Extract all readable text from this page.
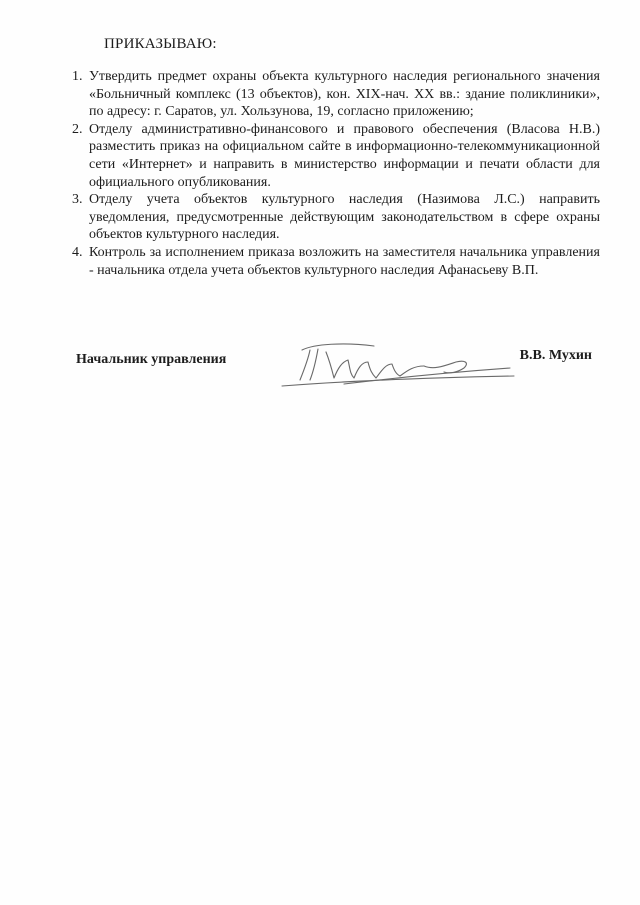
ПРИКАЗЫВАЮ:
1. Утвердить предмет охраны объекта культурного наследия регионального значения «Больничный комплекс (13 объектов), кон. XIX-нач. XX вв.: здание поликлиники», по адресу: г. Саратов, ул. Хользунова, 19, согласно приложению;
2. Отделу административно-финансового и правового обеспечения (Власова Н.В.) разместить приказ на официальном сайте в информационно-телекоммуникационной сети «Интернет» и направить в министерство информации и печати области для официального опубликования.
3. Отделу учета объектов культурного наследия (Назимова Л.С.) направить уведомления, предусмотренные действующим законодательством в сфере охраны объектов культурного наследия.
4. Контроль за исполнением приказа возложить на заместителя начальника управления - начальника отдела учета объектов культурного наследия Афанасьеву В.П.
Начальник управления	В.В. Мухин
